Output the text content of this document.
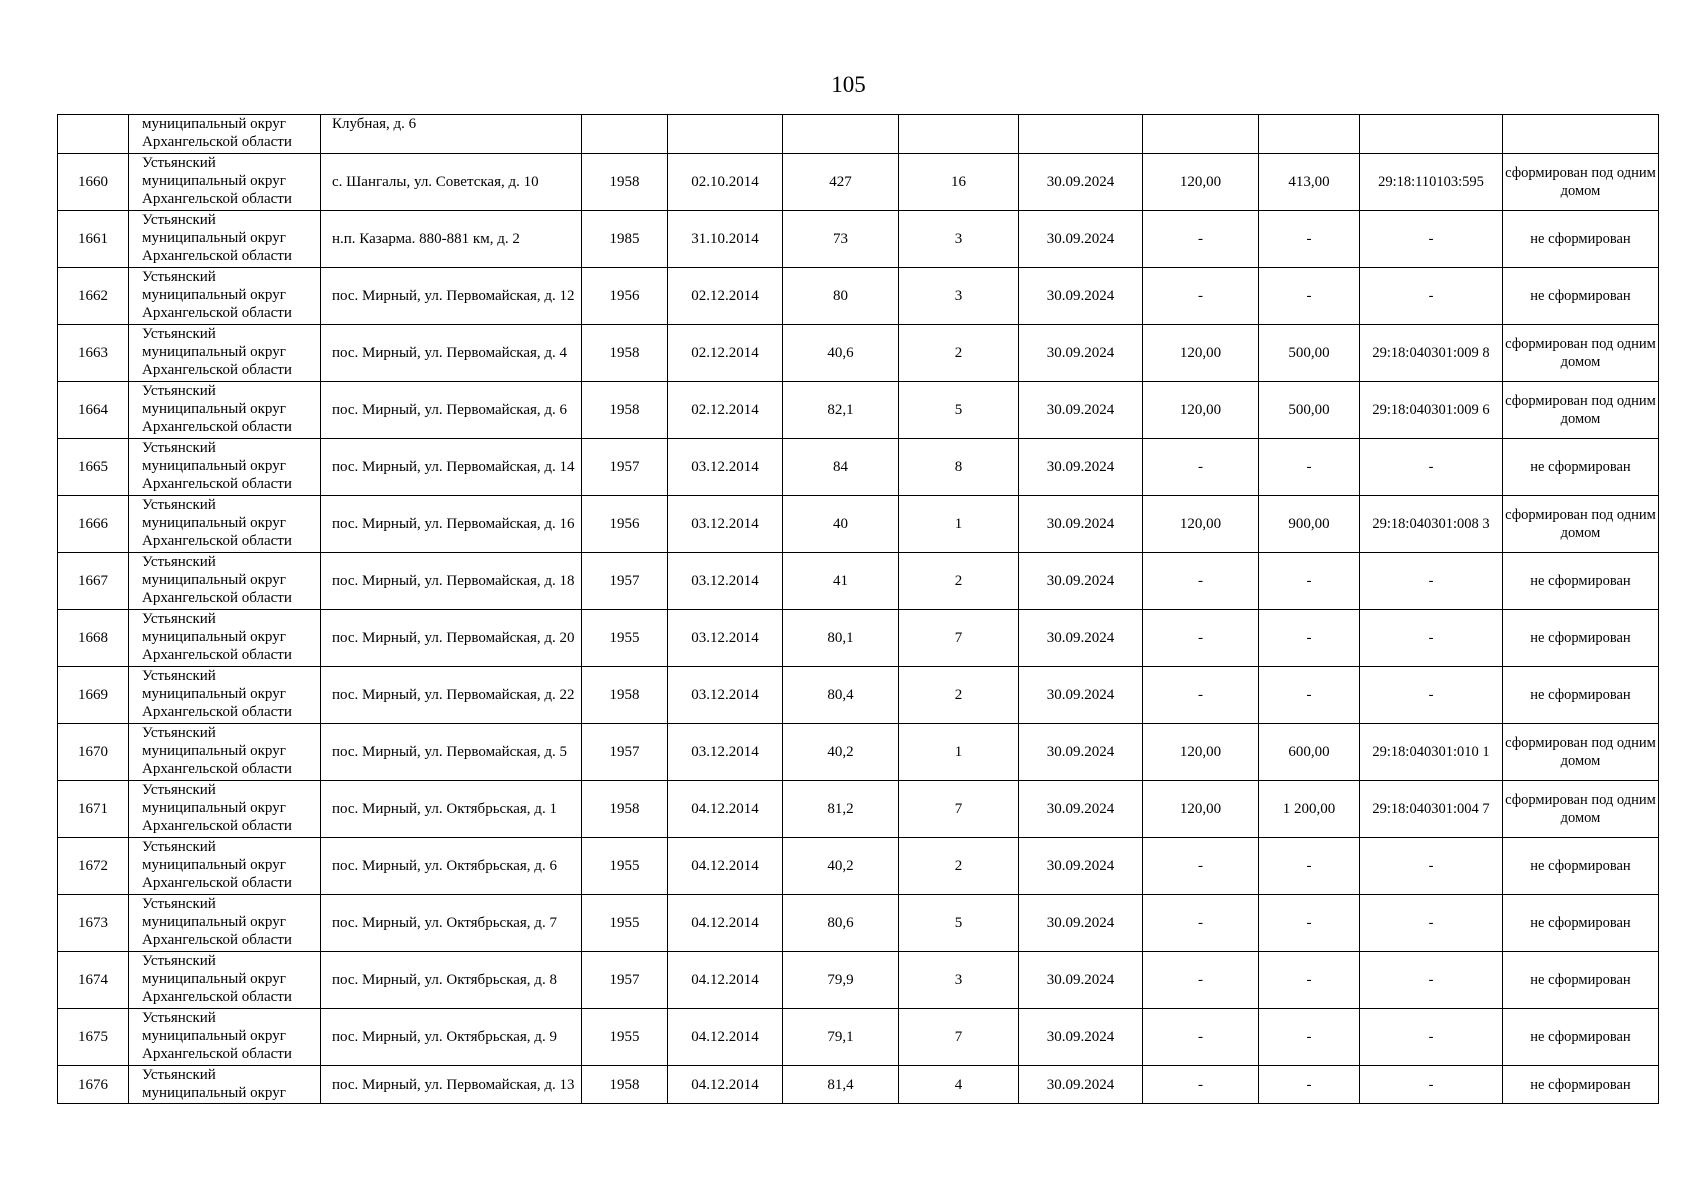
105

	муниципальный округ
Архангельской области	Клубная, д. 6									
1660	Устьянский
муниципальный округ
Архангельской области	с. Шангалы, ул. Советская, д. 10	1958	02.10.2014	427	16	30.09.2024	120,00	413,00	29:18:110103:595	сформирован под одним домом
1661	Устьянский
муниципальный округ
Архангельской области	н.п. Казарма. 880-881 км, д. 2	1985	31.10.2014	73	3	30.09.2024	-	-	-	не сформирован
1662	Устьянский
муниципальный округ
Архангельской области	пос. Мирный, ул. Первомайская, д. 12	1956	02.12.2014	80	3	30.09.2024	-	-	-	не сформирован
1663	Устьянский
муниципальный округ
Архангельской области	пос. Мирный, ул. Первомайская, д. 4	1958	02.12.2014	40,6	2	30.09.2024	120,00	500,00	29:18:040301:009 8	сформирован под одним домом
1664	Устьянский
муниципальный округ
Архангельской области	пос. Мирный, ул. Первомайская, д. 6	1958	02.12.2014	82,1	5	30.09.2024	120,00	500,00	29:18:040301:009 6	сформирован под одним домом
1665	Устьянский
муниципальный округ
Архангельской области	пос. Мирный, ул. Первомайская, д. 14	1957	03.12.2014	84	8	30.09.2024	-	-	-	не сформирован
1666	Устьянский
муниципальный округ
Архангельской области	пос. Мирный, ул. Первомайская, д. 16	1956	03.12.2014	40	1	30.09.2024	120,00	900,00	29:18:040301:008 3	сформирован под одним домом
1667	Устьянский
муниципальный округ
Архангельской области	пос. Мирный, ул. Первомайская, д. 18	1957	03.12.2014	41	2	30.09.2024	-	-	-	не сформирован
1668	Устьянский
муниципальный округ
Архангельской области	пос. Мирный, ул. Первомайская, д. 20	1955	03.12.2014	80,1	7	30.09.2024	-	-	-	не сформирован
1669	Устьянский
муниципальный округ
Архангельской области	пос. Мирный, ул. Первомайская, д. 22	1958	03.12.2014	80,4	2	30.09.2024	-	-	-	не сформирован
1670	Устьянский
муниципальный округ
Архангельской области	пос. Мирный, ул. Первомайская, д. 5	1957	03.12.2014	40,2	1	30.09.2024	120,00	600,00	29:18:040301:010 1	сформирован под одним домом
1671	Устьянский
муниципальный округ
Архангельской области	пос. Мирный, ул. Октябрьская, д. 1	1958	04.12.2014	81,2	7	30.09.2024	120,00	1 200,00	29:18:040301:004 7	сформирован под одним домом
1672	Устьянский
муниципальный округ
Архангельской области	пос. Мирный, ул. Октябрьская, д. 6	1955	04.12.2014	40,2	2	30.09.2024	-	-	-	не сформирован
1673	Устьянский
муниципальный округ
Архангельской области	пос. Мирный, ул. Октябрьская, д. 7	1955	04.12.2014	80,6	5	30.09.2024	-	-	-	не сформирован
1674	Устьянский
муниципальный округ
Архангельской области	пос. Мирный, ул. Октябрьская, д. 8	1957	04.12.2014	79,9	3	30.09.2024	-	-	-	не сформирован
1675	Устьянский
муниципальный округ
Архангельской области	пос. Мирный, ул. Октябрьская, д. 9	1955	04.12.2014	79,1	7	30.09.2024	-	-	-	не сформирован
1676	Устьянский
муниципальный округ	пос. Мирный, ул. Первомайская, д. 13	1958	04.12.2014	81,4	4	30.09.2024	-	-	-	не сформирован
